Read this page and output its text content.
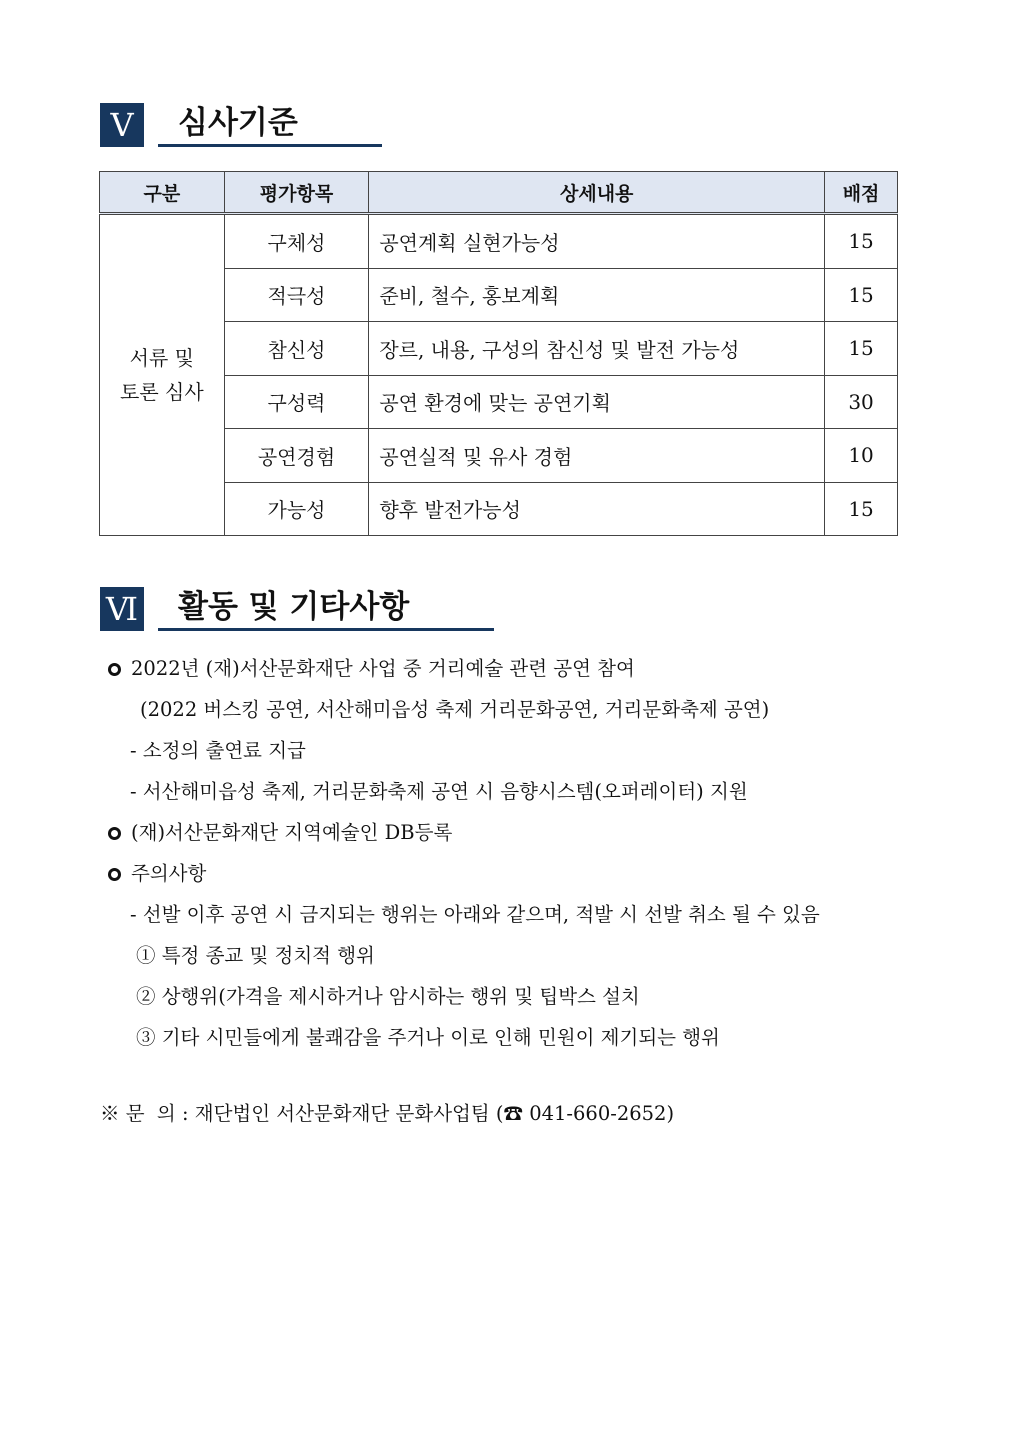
V	심사기준
구분	평가항목	상세내용	배점

서류 및
토론 심사	구체성	공연계획 실현가능성	15
	적극성	준비, 철수, 홍보계획	15
	참신성	장르, 내용, 구성의 참신성 및 발전 가능성	15
	구성력	공연 환경에 맞는 공연기획	30
	공연경험	공연실적 및 유사 경험	10
	가능성	향후 발전가능성	15
Ⅵ	활동 및 기타사항
2022년 (재)서산문화재단 사업 중 거리예술 관련 공연 참여
(2022 버스킹 공연, 서산해미읍성 축제 거리문화공연, 거리문화축제 공연)
- 소정의 출연료 지급
- 서산해미읍성 축제, 거리문화축제 공연 시 음향시스템(오퍼레이터) 지원
(재)서산문화재단 지역예술인 DB등록
주의사항
- 선발 이후 공연 시 금지되는 행위는 아래와 같으며, 적발 시 선발 취소 될 수 있음
① 특정 종교 및 정치적 행위
② 상행위(가격을 제시하거나 암시하는 행위 및 팁박스 설치
③ 기타 시민들에게 불쾌감을 주거나 이로 인해 민원이 제기되는 행위
※ 문  의 : 재단법인 서산문화재단 문화사업팀 (☎ 041-660-2652)
